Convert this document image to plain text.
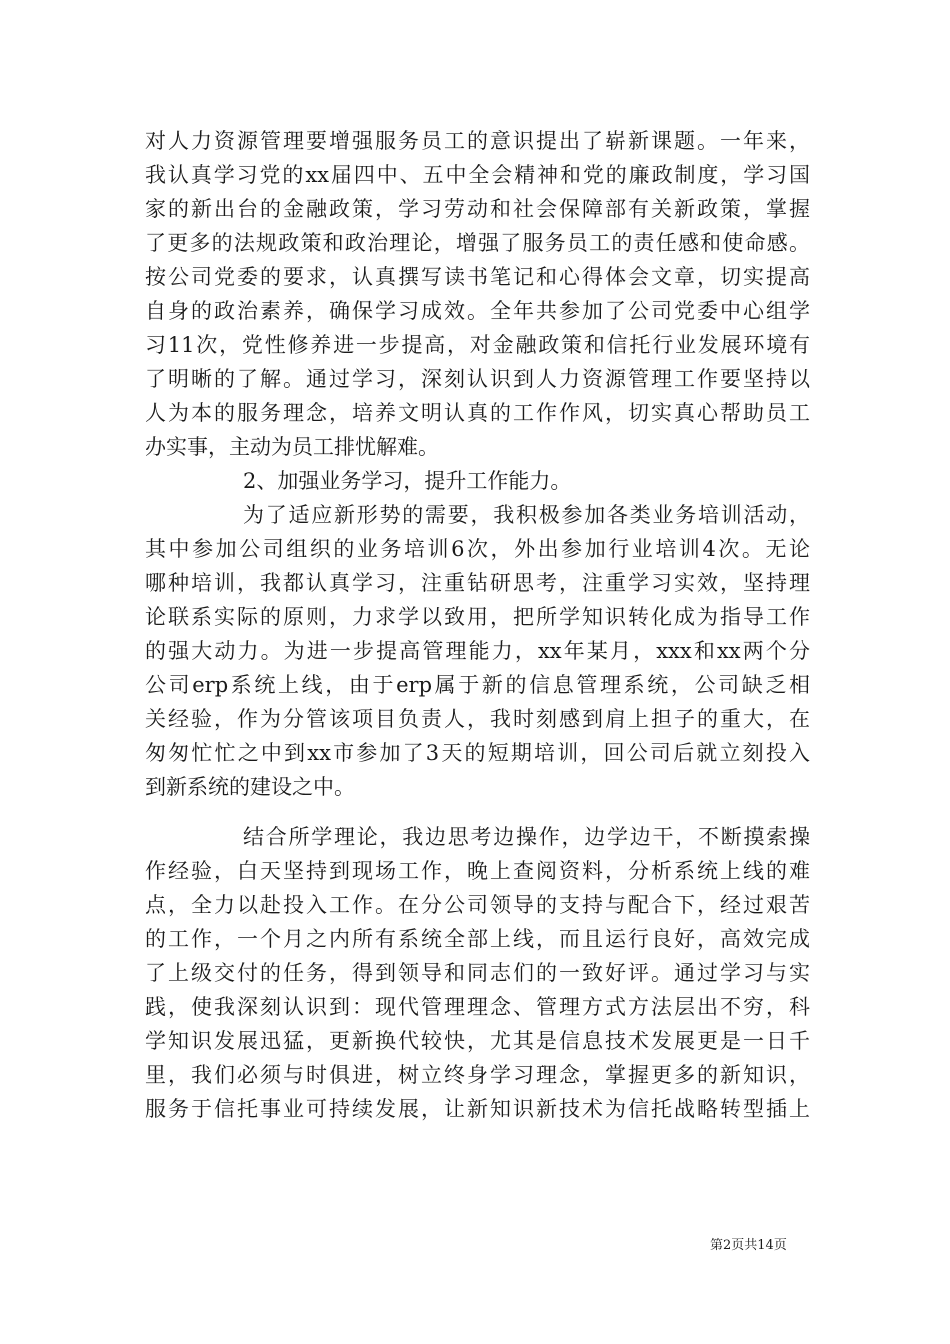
对人力资源管理要增强服务员工的意识提出了崭新课题。一年来，
我认真学习党的xx届四中、五中全会精神和党的廉政制度，学习国
家的新出台的金融政策，学习劳动和社会保障部有关新政策，掌握
了更多的法规政策和政治理论，增强了服务员工的责任感和使命感。
按公司党委的要求，认真撰写读书笔记和心得体会文章，切实提高
自身的政治素养，确保学习成效。全年共参加了公司党委中心组学
习11次，党性修养进一步提高，对金融政策和信托行业发展环境有
了明晰的了解。通过学习，深刻认识到人力资源管理工作要坚持以
人为本的服务理念，培养文明认真的工作作风，切实真心帮助员工
办实事，主动为员工排忧解难。
2、加强业务学习，提升工作能力。
为了适应新形势的需要，我积极参加各类业务培训活动，
其中参加公司组织的业务培训6次，外出参加行业培训4次。无论
哪种培训，我都认真学习，注重钻研思考，注重学习实效，坚持理
论联系实际的原则，力求学以致用，把所学知识转化成为指导工作
的强大动力。为进一步提高管理能力，xx年某月，xxx和xx两个分
公司erp系统上线，由于erp属于新的信息管理系统，公司缺乏相
关经验，作为分管该项目负责人，我时刻感到肩上担子的重大，在
匆匆忙忙之中到xx市参加了3天的短期培训，回公司后就立刻投入
到新系统的建设之中。
结合所学理论，我边思考边操作，边学边干，不断摸索操
作经验，白天坚持到现场工作，晚上查阅资料，分析系统上线的难
点，全力以赴投入工作。在分公司领导的支持与配合下，经过艰苦
的工作，一个月之内所有系统全部上线，而且运行良好，高效完成
了上级交付的任务，得到领导和同志们的一致好评。通过学习与实
践，使我深刻认识到：现代管理理念、管理方式方法层出不穷，科
学知识发展迅猛，更新换代较快，尤其是信息技术发展更是一日千
里，我们必须与时俱进，树立终身学习理念，掌握更多的新知识，
服务于信托事业可持续发展，让新知识新技术为信托战略转型插上
第2页共14页
